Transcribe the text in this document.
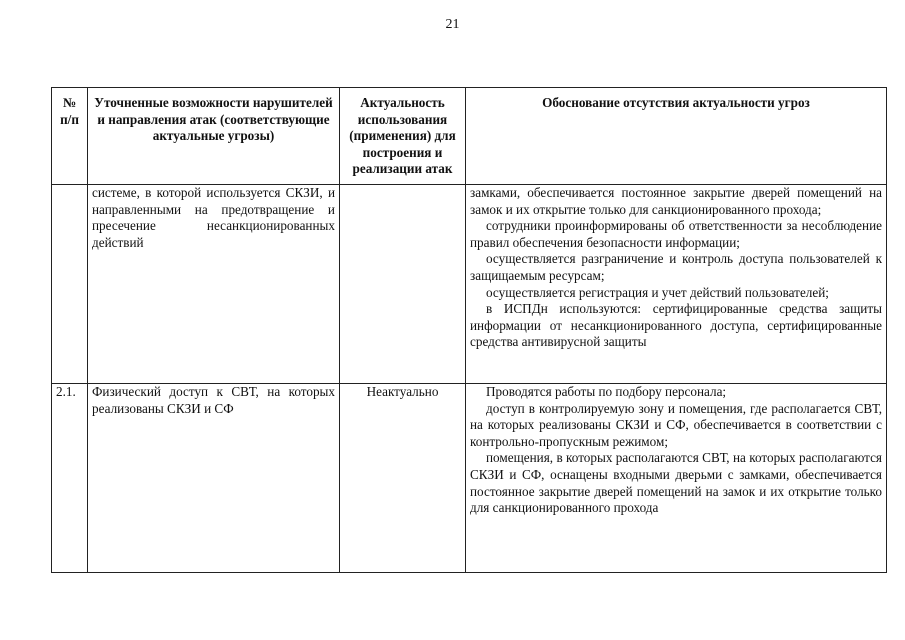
21
№ п/п	Уточненные возможности нарушителей и направления атак (соответствующие актуальные угрозы)	Актуальность использования (применения) для построения и реализации атак	Обоснование отсутствия актуальности угроз
	системе, в которой используется СКЗИ, и направленными на предотвращение и пресечение несанкционированных действий		замками, обеспечивается постоянное закрытие дверей помещений на замок и их открытие только для санкционированного прохода;
сотрудники проинформированы об ответственности за несоблюдение правил обеспечения безопасности информации;
осуществляется разграничение и контроль доступа пользователей к защищаемым ресурсам;
осуществляется регистрация и учет действий пользователей;
в ИСПДн используются: сертифицированные средства защиты информации от несанкционированного доступа, сертифицированные средства антивирусной защиты

2.1.	Физический доступ к СВТ, на которых реализованы СКЗИ и СФ	Неактуально	Проводятся работы по подбору персонала;
доступ в контролируемую зону и помещения, где располагается СВТ, на которых реализованы СКЗИ и СФ, обеспечивается в соответствии с контрольно-пропускным режимом;
помещения, в которых располагаются СВТ, на которых располагаются СКЗИ и СФ, оснащены входными дверьми с замками, обеспечивается постоянное закрытие дверей помещений на замок и их открытие только для санкционированного прохода
